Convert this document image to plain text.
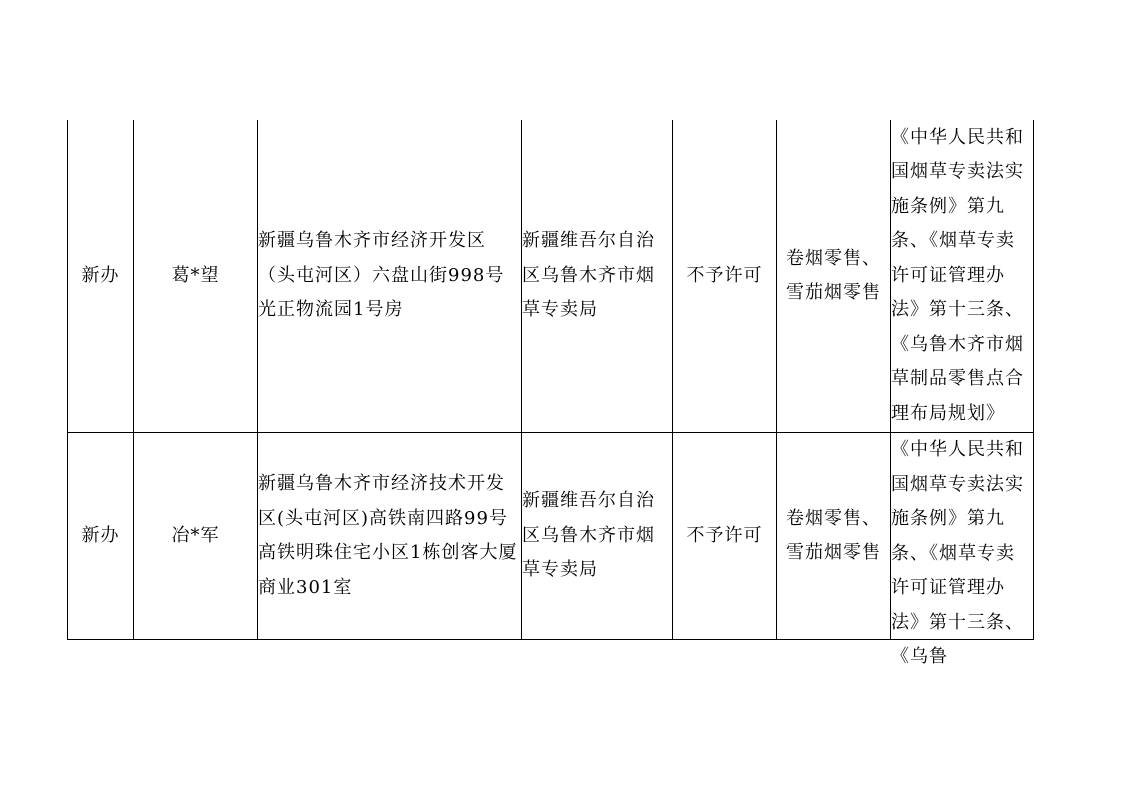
新办	葛*望	新疆乌鲁木齐市经济开发区（头屯河区）六盘山街998号光正物流园1号房	新疆维吾尔自治区乌鲁木齐市烟草专卖局	不予许可	卷烟零售、雪茄烟零售	《中华人民共和国烟草专卖法实施条例》第九条、《烟草专卖许可证管理办法》第十三条、《乌鲁木齐市烟草制品零售点合理布局规划》

新办	冶*军	新疆乌鲁木齐市经济技术开发区(头屯河区)高铁南四路99号高铁明珠住宅小区1栋创客大厦商业301室	新疆维吾尔自治区乌鲁木齐市烟草专卖局	不予许可	卷烟零售、雪茄烟零售	《中华人民共和国烟草专卖法实施条例》第九条、《烟草专卖许可证管理办法》第十三条、《乌鲁
